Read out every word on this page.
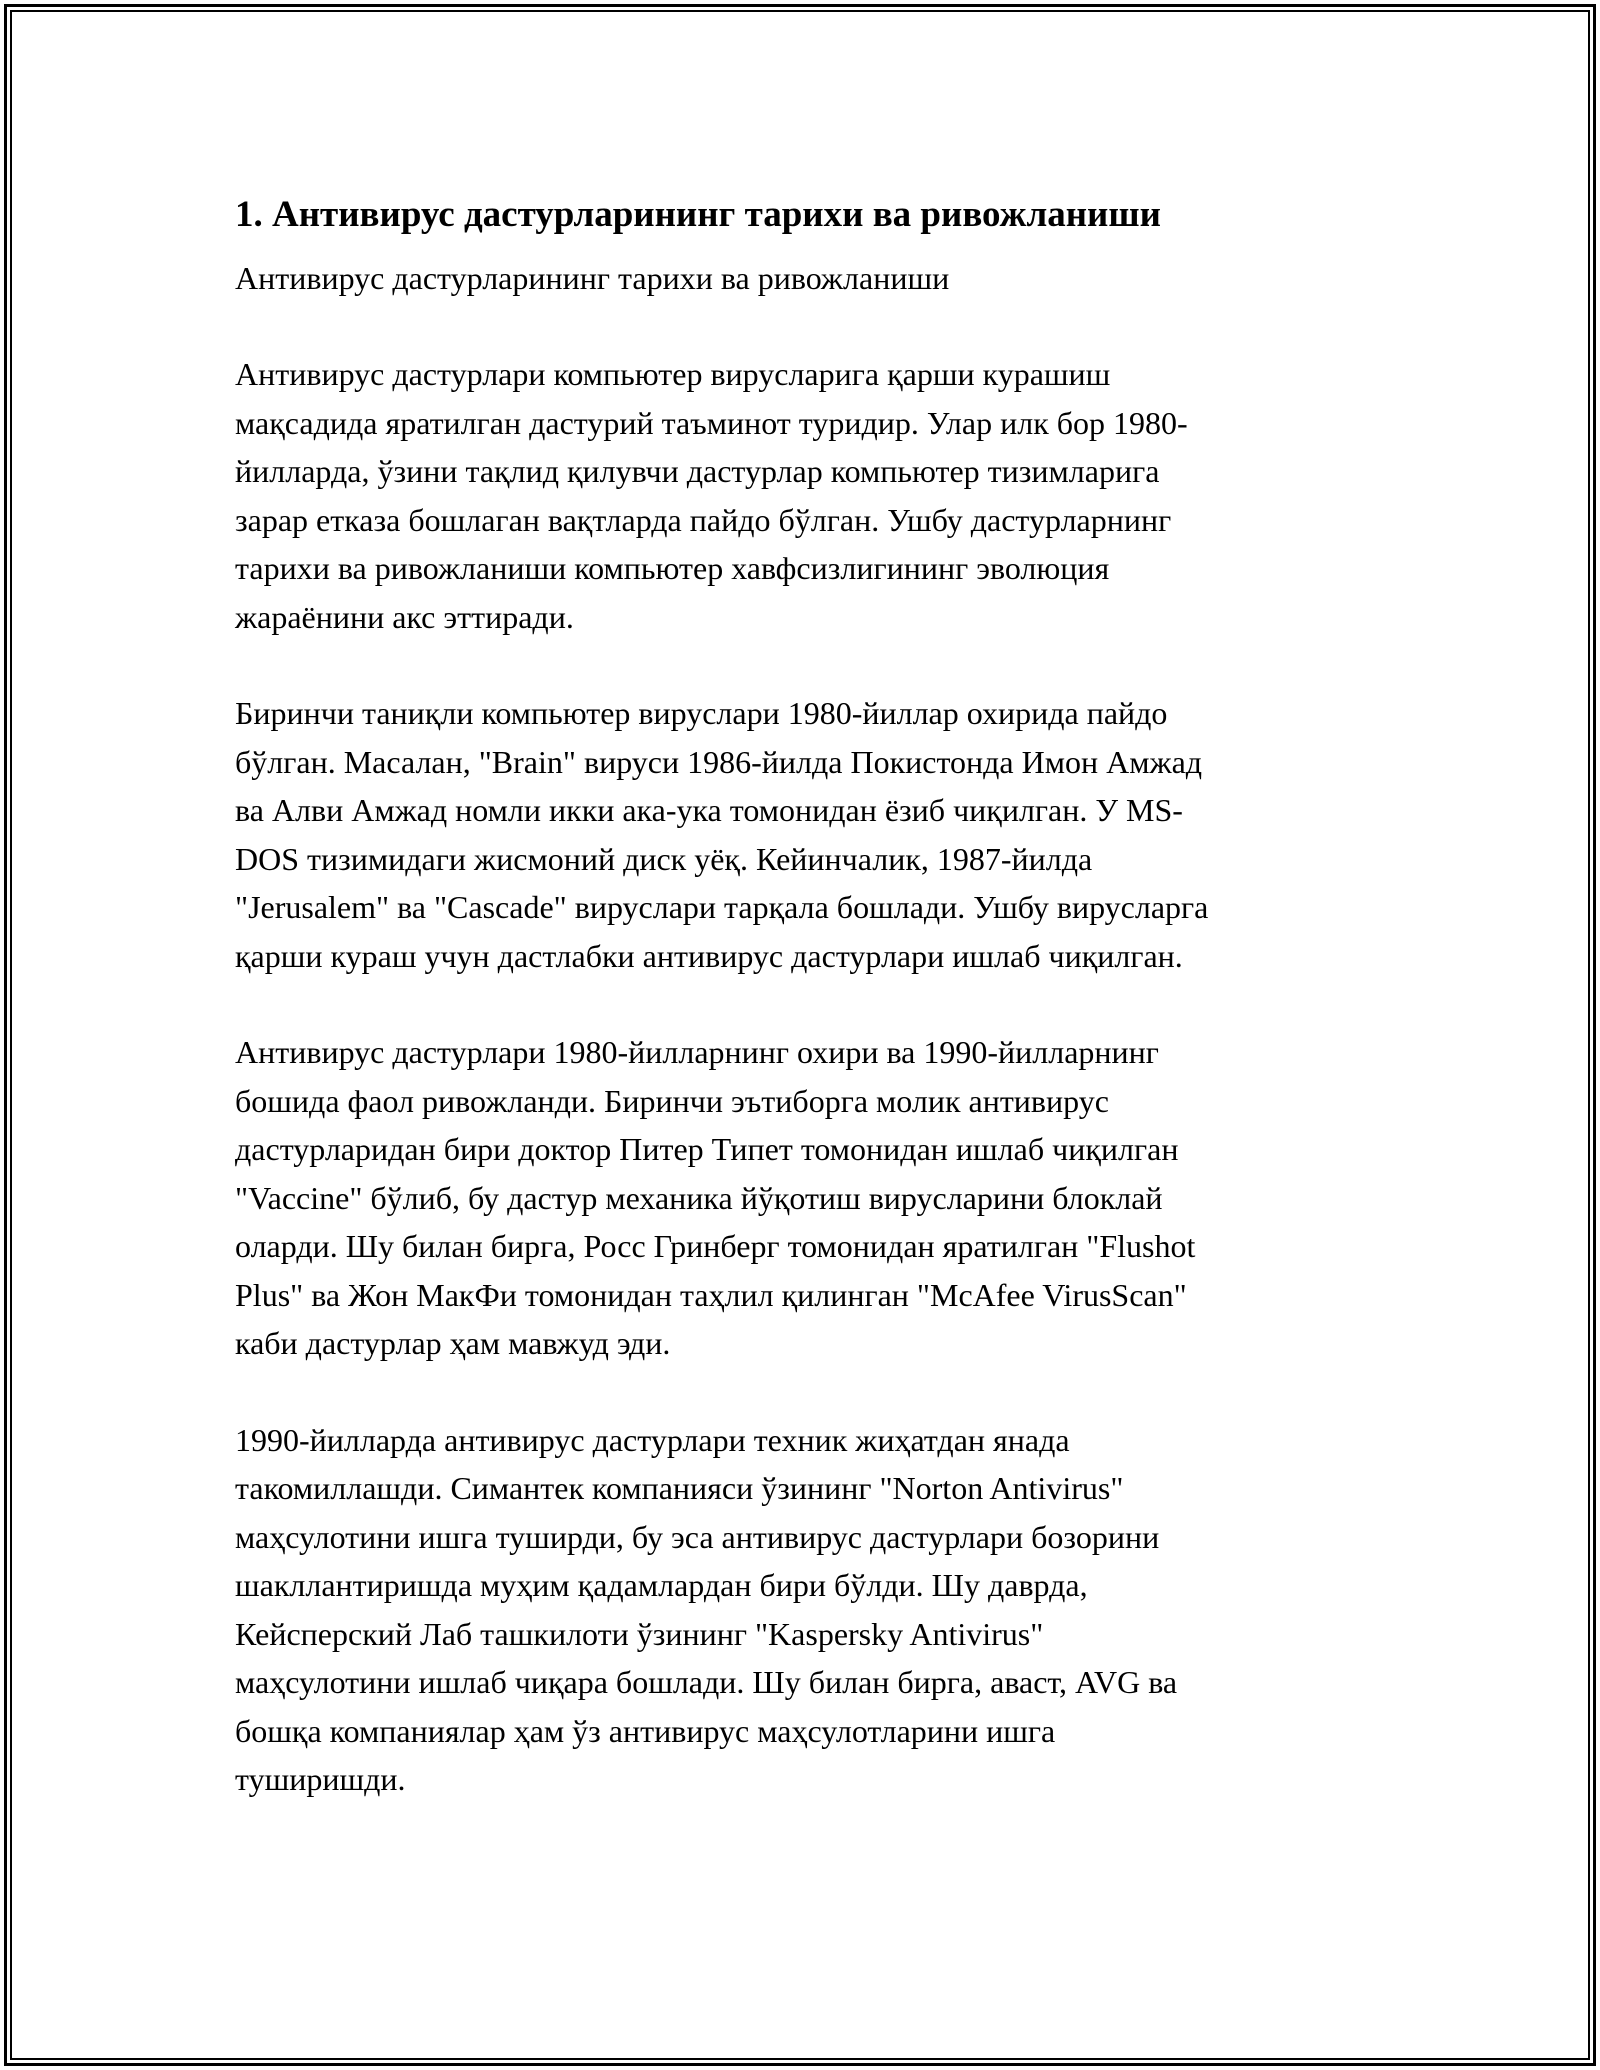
1. Антивирус дастурларининг тарихи ва ривожланиши

Антивирус дастурларининг тарихи ва ривожланиши

Антивирус дастурлари компьютер вирусларига қарши курашиш
мақсадида яратилган дастурий таъминот туридир. Улар илк бор 1980-
йилларда, ўзини тақлид қилувчи дастурлар компьютер тизимларига
зарар етказа бошлаган вақтларда пайдо бўлган. Ушбу дастурларнинг
тарихи ва ривожланиши компьютер хавфсизлигининг эволюция
жараёнини акс эттиради.

Биринчи таниқли компьютер вируслари 1980-йиллар охирида пайдо
бўлган. Масалан, "Brain" вируси 1986-йилда Покистонда Имон Амжад
ва Алви Амжад номли икки ака-ука томонидан ёзиб чиқилган. У MS-
DOS тизимидаги жисмоний диск уёқ. Кейинчалик, 1987-йилда
"Jerusalem" ва "Cascade" вируслари тарқала бошлади. Ушбу вирусларга
қарши кураш учун дастлабки антивирус дастурлари ишлаб чиқилган.

Антивирус дастурлари 1980-йилларнинг охири ва 1990-йилларнинг
бошида фаол ривожланди. Биринчи эътиборга молик антивирус
дастурларидан бири доктор Питер Типет томонидан ишлаб чиқилган
"Vaccine" бўлиб, бу дастур механика йўқотиш вирусларини блоклай
оларди. Шу билан бирга, Росс Гринберг томонидан яратилган "Flushot
Plus" ва Жон МакФи томонидан таҳлил қилинган "McAfee VirusScan"
каби дастурлар ҳам мавжуд эди.

1990-йилларда антивирус дастурлари техник жиҳатдан янада
такомиллашди. Симантек компанияси ўзининг "Norton Antivirus"
маҳсулотини ишга туширди, бу эса антивирус дастурлари бозорини
шакллантиришда муҳим қадамлардан бири бўлди. Шу даврда,
Кейсперский Лаб ташкилоти ўзининг "Kaspersky Antivirus"
маҳсулотини ишлаб чиқара бошлади. Шу билан бирга, аваст, AVG ва
бошқа компаниялар ҳам ўз антивирус маҳсулотларини ишга
туширишди.
